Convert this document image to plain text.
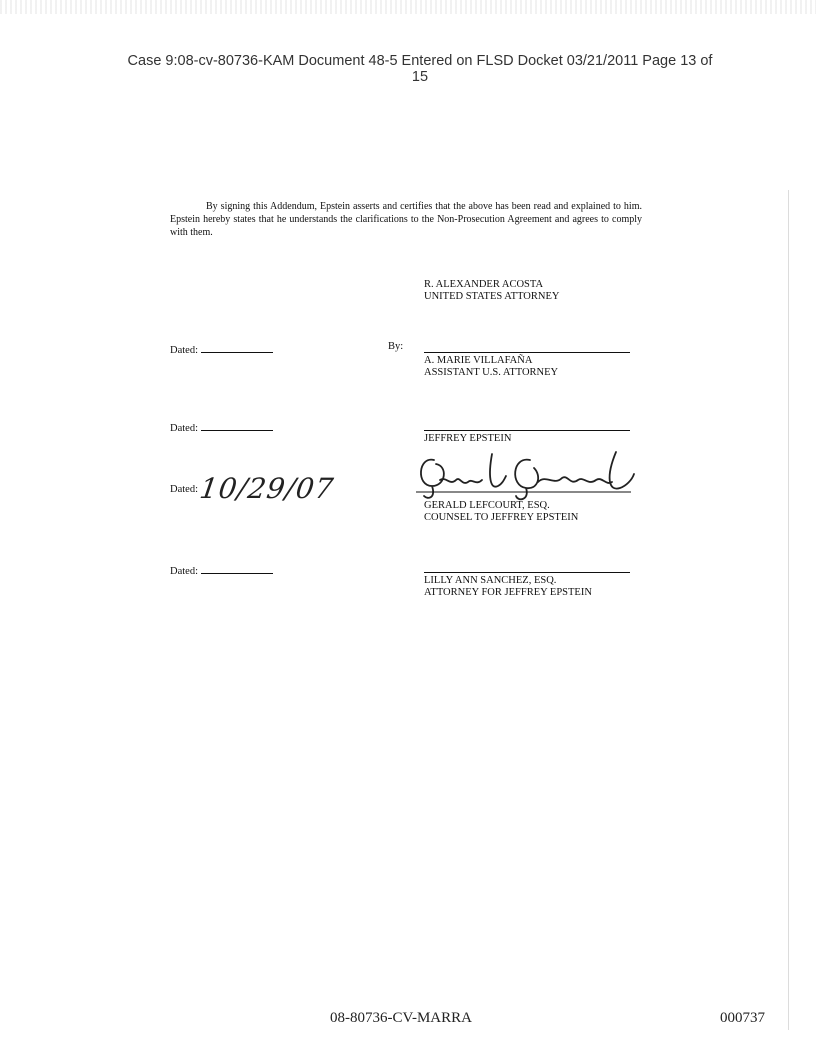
Case 9:08-cv-80736-KAM Document 48-5 Entered on FLSD Docket 03/21/2011 Page 13 of
15
By signing this Addendum, Epstein asserts and certifies that the above has been read and explained to him. Epstein hereby states that he understands the clarifications to the Non-Prosecution Agreement and agrees to comply with them.
R. ALEXANDER ACOSTA
UNITED STATES ATTORNEY
Dated:	By:
A. MARIE VILLAFAÑA
ASSISTANT U.S. ATTORNEY
Dated:
JEFFREY EPSTEIN
Dated: 10/29/07
GERALD LEFCOURT, ESQ.
COUNSEL TO JEFFREY EPSTEIN
Dated:
LILLY ANN SANCHEZ, ESQ.
ATTORNEY FOR JEFFREY EPSTEIN
08-80736-CV-MARRA	000737
